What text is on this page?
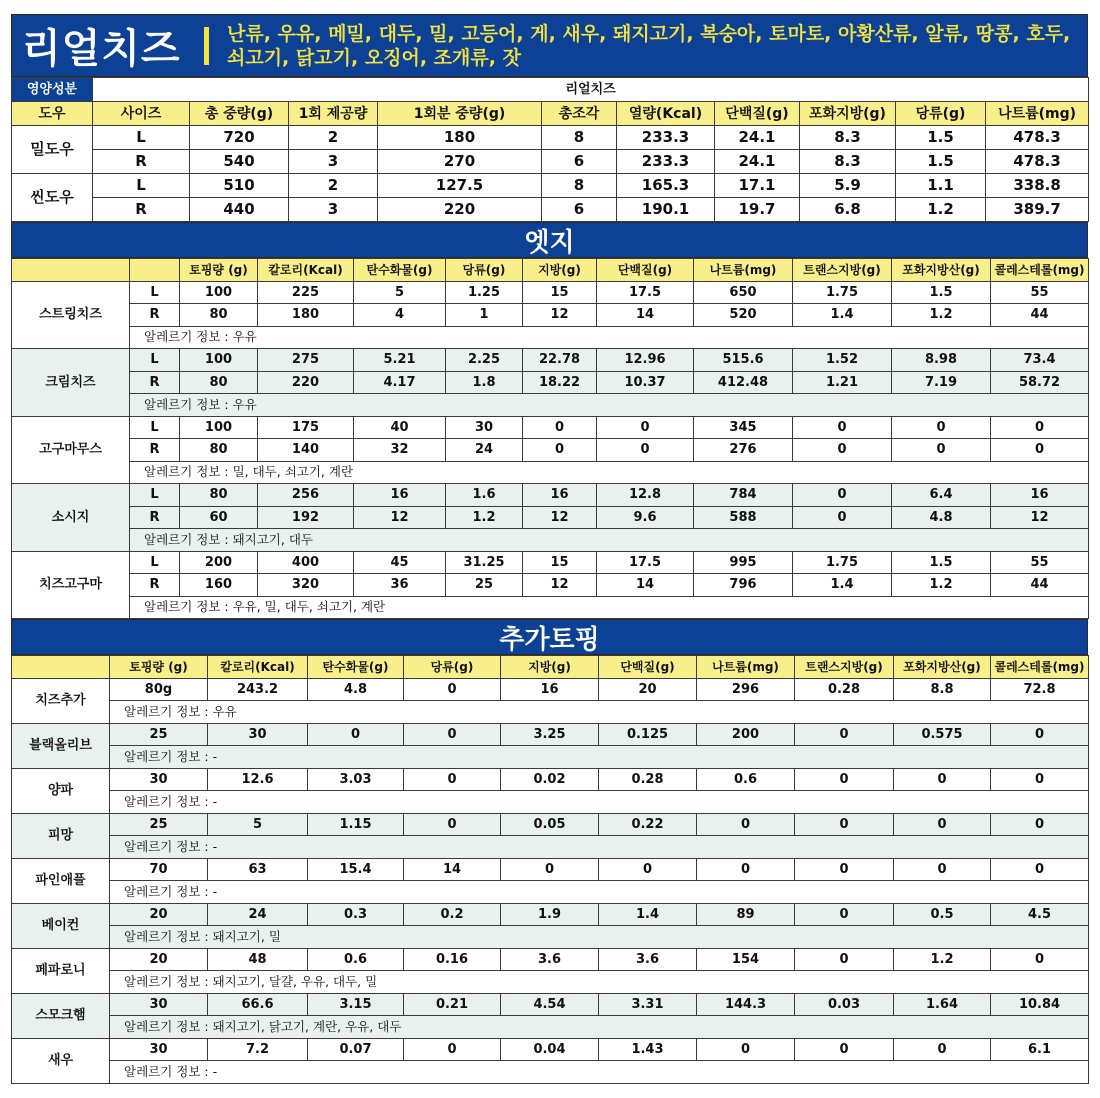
리얼치즈	난류, 우유, 메밀, 대두, 밀, 고등어, 게, 새우, 돼지고기, 복숭아, 토마토, 아황산류, 알류, 땅콩, 호두, 쇠고기, 닭고기, 오징어, 조개류, 잣
영양성분	리얼치즈									
도우	사이즈	총 중량(g)	1회 제공량	1회분 중량(g)	총조각	열량(Kcal)	단백질(g)	포화지방(g)	당류(g)	나트륨(mg)
밀도우	L	720	2	180	8	233.3	24.1	8.3	1.5	478.3
	R	540	3	270	6	233.3	24.1	8.3	1.5	478.3
씬도우	L	510	2	127.5	8	165.3	17.1	5.9	1.1	338.8
	R	440	3	220	6	190.1	19.7	6.8	1.2	389.7
엣지
		토핑량 (g)	칼로리(Kcal)	탄수화물(g)	당류(g)	지방(g)	단백질(g)	나트륨(mg)	트랜스지방(g)	포화지방산(g)	콜레스테롤(mg)
스트링치즈	L	100	225	5	1.25	15	17.5	650	1.75	1.5	55
	R	80	180	4	1	12	14	520	1.4	1.2	44
	알레르기 정보 : 우유										
크림치즈	L	100	275	5.21	2.25	22.78	12.96	515.6	1.52	8.98	73.4
	R	80	220	4.17	1.8	18.22	10.37	412.48	1.21	7.19	58.72
	알레르기 정보 : 우유										
고구마무스	L	100	175	40	30	0	0	345	0	0	0
	R	80	140	32	24	0	0	276	0	0	0
	알레르기 정보 : 밀, 대두, 쇠고기, 계란										
소시지	L	80	256	16	1.6	16	12.8	784	0	6.4	16
	R	60	192	12	1.2	12	9.6	588	0	4.8	12
	알레르기 정보 : 돼지고기, 대두										
치즈고구마	L	200	400	45	31.25	15	17.5	995	1.75	1.5	55
	R	160	320	36	25	12	14	796	1.4	1.2	44
	알레르기 정보 : 우유, 밀, 대두, 쇠고기, 계란										
추가토핑
	토핑량 (g)	칼로리(Kcal)	탄수화물(g)	당류(g)	지방(g)	단백질(g)	나트륨(mg)	트랜스지방(g)	포화지방산(g)	콜레스테롤(mg)
치즈추가	80g	243.2	4.8	0	16	20	296	0.28	8.8	72.8
	알레르기 정보 : 우유									
블랙올리브	25	30	0	0	3.25	0.125	200	0	0.575	0
	알레르기 정보 : -									
양파	30	12.6	3.03	0	0.02	0.28	0.6	0	0	0
	알레르기 정보 : -									
피망	25	5	1.15	0	0.05	0.22	0	0	0	0
	알레르기 정보 : -									
파인애플	70	63	15.4	14	0	0	0	0	0	0
	알레르기 정보 : -									
베이컨	20	24	0.3	0.2	1.9	1.4	89	0	0.5	4.5
	알레르기 정보 : 돼지고기, 밀									
페파로니	20	48	0.6	0.16	3.6	3.6	154	0	1.2	0
	알레르기 정보 : 돼지고기, 달걀, 우유, 대두, 밀									
스모크햄	30	66.6	3.15	0.21	4.54	3.31	144.3	0.03	1.64	10.84
	알레르기 정보 : 돼지고기, 닭고기, 계란, 우유, 대두									
새우	30	7.2	0.07	0	0.04	1.43	0	0	0	6.1
	알레르기 정보 : -									
